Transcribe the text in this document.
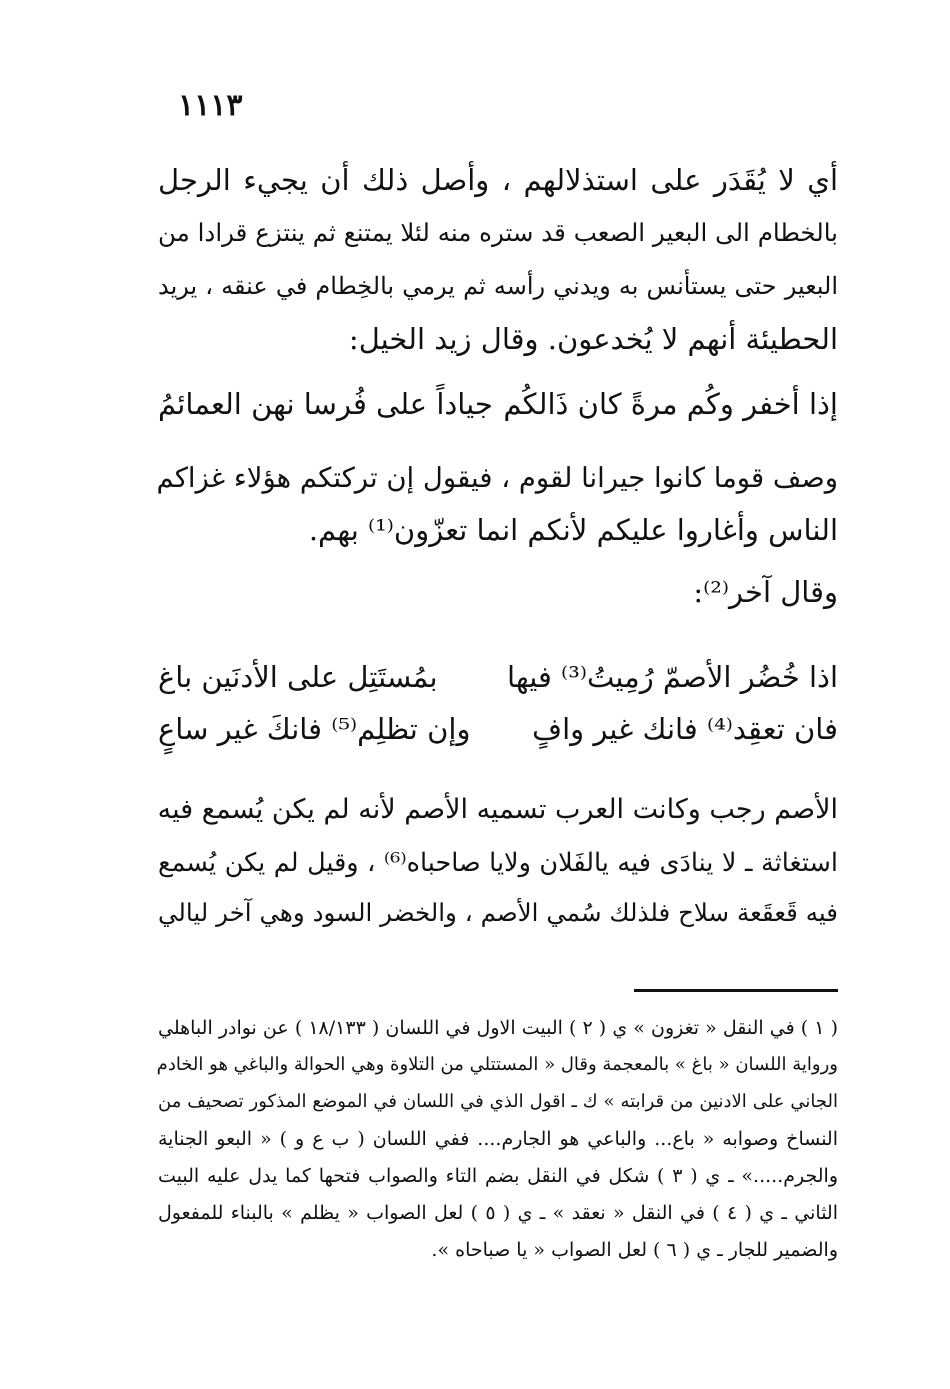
١١١٣
أي لا يُقَدَر على استذلالهم ، وأصل ذلك أن يجيء الرجل
بالخطام الى البعير الصعب قد ستره منه لئلا يمتنع ثم ينتزع قرادا من
البعير حتى يستأنس به ويدني رأسه ثم يرمي بالخِطام في عنقه ، يريد
الحطيئة أنهم لا يُخدعون. وقال زيد الخيل:
إذا أخفر وكُم مرةً كان ذَالكُم
جياداً على فُرسا نهن العمائمُ
وصف قوما كانوا جيرانا لقوم ، فيقول إن تركتكم هؤلاء غزاكم
الناس وأغاروا عليكم لأنكم انما تعزّون⁽¹⁾ بهم.
وقال آخر⁽²⁾:
اذا خُضُر الأصمّ رُمِيتُ⁽³⁾ فيها
بمُستَتِل على الأدنَين باغ
فان تعقِد⁽⁴⁾ فانك غير وافٍ
وإن تظلِم⁽⁵⁾ فانكَ غير ساعٍ
الأصم رجب وكانت العرب تسميه الأصم لأنه لم يكن يُسمع فيه
استغاثة ـ لا ينادَى فيه يالفَلان ولايا صاحباه⁽⁶⁾ ، وقيل لم يكن يُسمع
فيه قَعقَعة سلاح فلذلك سُمي الأصم ، والخضر السود وهي آخر ليالي
( ١ ) في النقل « تغزون » ي ( ٢ ) البيت الاول في اللسان ( ١٨/١٣٣ ) عن نوادر الباهلي
ورواية اللسان « باغ » بالمعجمة وقال « المستتلي من التلاوة وهي الحوالة والباغي هو الخادم
الجاني على الادنين من قرابته » ك ـ اقول الذي في اللسان في الموضع المذكور تصحيف من
النساخ وصوابه « باع... والباعي هو الجارم.... ففي اللسان ( ب ع و ) « البعو الجناية
والجرم.....» ـ ي ( ٣ ) شكل في النقل بضم التاء والصواب فتحها كما يدل عليه البيت
الثاني ـ ي ( ٤ ) في النقل « نعقد » ـ ي ( ٥ ) لعل الصواب « يظلم » بالبناء للمفعول
والضمير للجار ـ ي ( ٦ ) لعل الصواب « يا صباحاه ».
